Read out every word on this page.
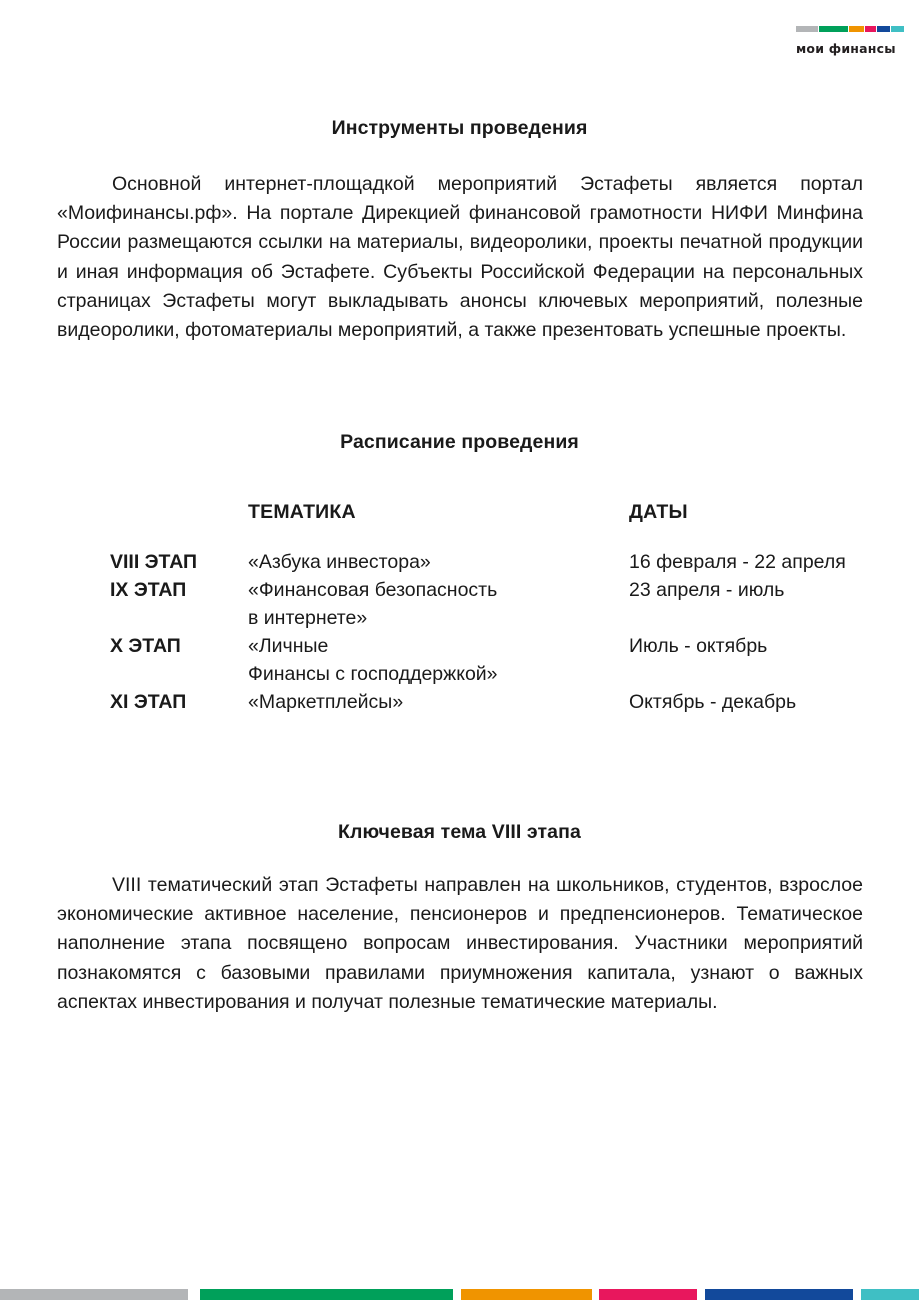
мои финансы
Инструменты проведения

Основной интернет-площадкой мероприятий Эстафеты является портал «Моифинансы.рф». На портале Дирекцией финансовой грамотности НИФИ Минфина России размещаются ссылки на материалы, видеоролики, проекты печатной продукции и иная информация об Эстафете. Субъекты Российской Федерации на персональных страницах Эстафеты могут выкладывать анонсы ключевых мероприятий, полезные видеоролики, фотоматериалы мероприятий, а также презентовать успешные проекты.

Расписание проведения
		ТЕМАТИКА	ДАТЫ
	VIII ЭТАП	«Азбука инвестора»	16 февраля - 22 апреля
	IX ЭТАП	«Финансовая безопасность
в интернете»	23 апреля - июль
	X ЭТАП	«Личные
Финансы с господдержкой»	Июль - октябрь
	XI ЭТАП	«Маркетплейсы»	Октябрь - декабрь
Ключевая тема VIII этапа

VIII тематический этап Эстафеты направлен на школьников, студентов, взрослое экономические активное население, пенсионеров и предпенсионеров. Тематическое наполнение этапа посвящено вопросам инвестирования. Участники мероприятий познакомятся с базовыми правилами приумножения капитала, узнают о важных аспектах инвестирования и получат полезные тематические материалы.
